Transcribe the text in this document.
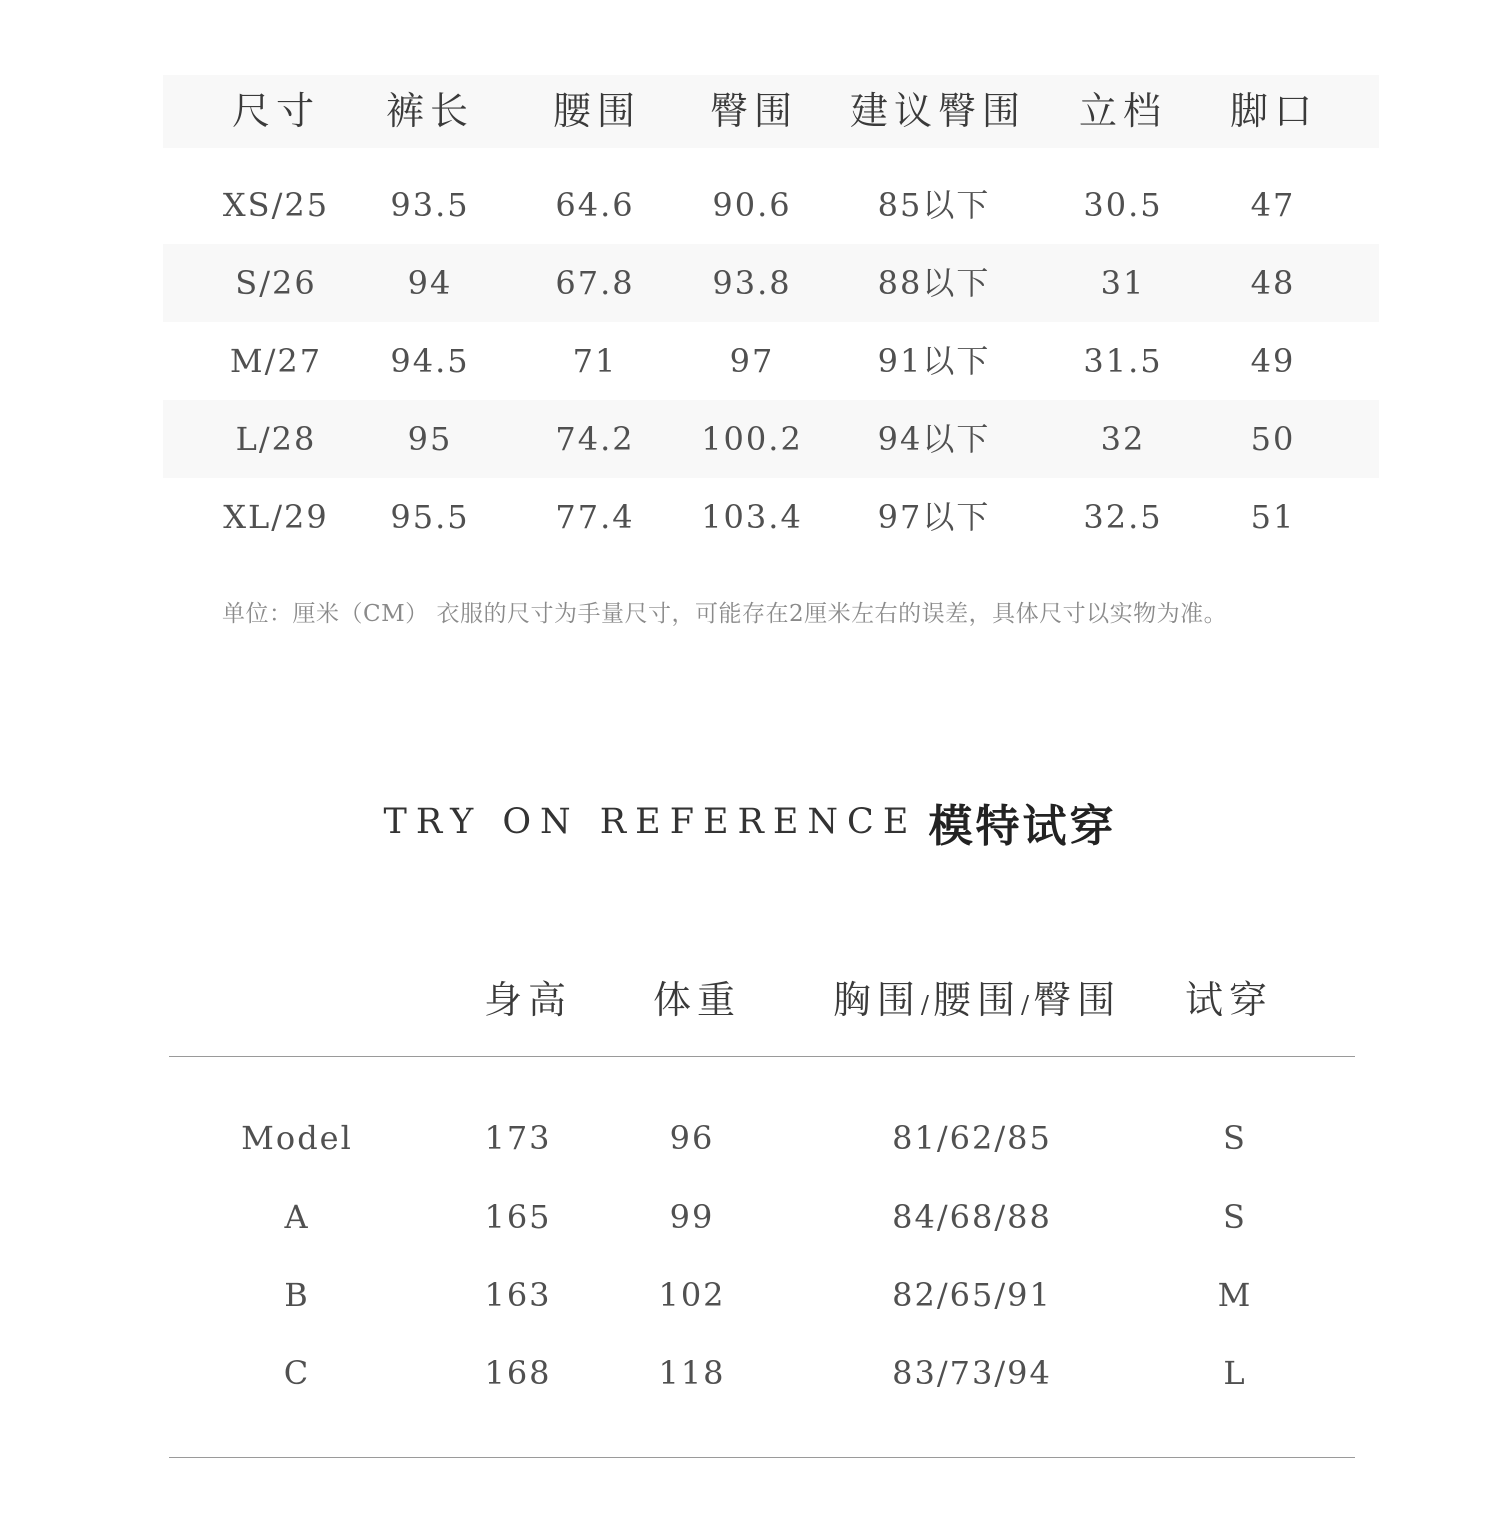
尺寸 裤长 腰围 臀围 建议臀围 立档 脚口
XS/25 93.5	64.6 90.6	85以下	30.5	47
S/26	94	67.8 93.8	88以下	31	48
M/27 94.5	71	97	91以下	31.5	49
L/28	95	74.2 100.2 94以下	32	50
XL/29 95.5	77.4 103.4 97以下	32.5	51
单位：厘米（CM） 衣服的尺寸为手量尺寸，可能存在2厘米左右的误差，具体尺寸以实物为准。
TRY ON REFERENCE 模特试穿
身高 体重 胸围/ 腰围/ 臀围 试穿
Model	173	96	81/62/85	S
A	165	99	84/68/88	S
B	163	102	82/65/91	M
C	168	118	83/73/94	L
